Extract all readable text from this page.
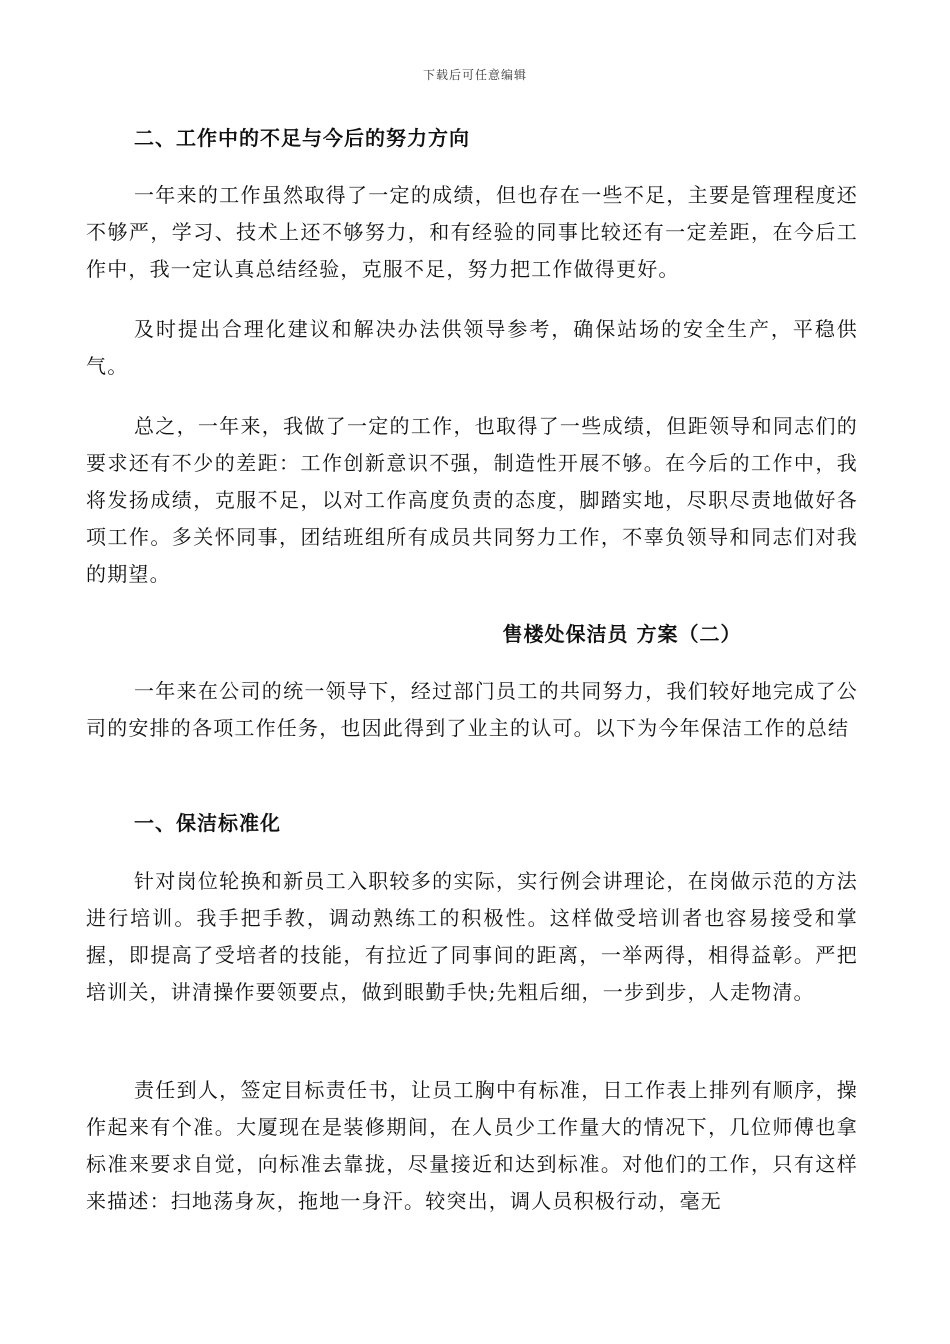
下载后可任意编辑
二、工作中的不足与今后的努力方向
一年来的工作虽然取得了一定的成绩，但也存在一些不足，主要是管理程度还不够严，学习、技术上还不够努力，和有经验的同事比较还有一定差距，在今后工作中，我一定认真总结经验，克服不足，努力把工作做得更好。
及时提出合理化建议和解决办法供领导参考，确保站场的安全生产，平稳供气。
总之，一年来，我做了一定的工作，也取得了一些成绩，但距领导和同志们的要求还有不少的差距：工作创新意识不强，制造性开展不够。在今后的工作中，我将发扬成绩，克服不足，以对工作高度负责的态度，脚踏实地，尽职尽责地做好各项工作。多关怀同事，团结班组所有成员共同努力工作，不辜负领导和同志们对我的期望。
售楼处保洁员 方案（二）
一年来在公司的统一领导下，经过部门员工的共同努力，我们较好地完成了公司的安排的各项工作任务，也因此得到了业主的认可。以下为今年保洁工作的总结
一、保洁标准化
针对岗位轮换和新员工入职较多的实际，实行例会讲理论，在岗做示范的方法进行培训。我手把手教，调动熟练工的积极性。这样做受培训者也容易接受和掌握，即提高了受培者的技能，有拉近了同事间的距离，一举两得，相得益彰。严把培训关，讲清操作要领要点，做到眼勤手快;先粗后细，一步到步，人走物清。
责任到人，签定目标责任书，让员工胸中有标准，日工作表上排列有顺序，操作起来有个准。大厦现在是装修期间，在人员少工作量大的情况下，几位师傅也拿标准来要求自觉，向标准去靠拢，尽量接近和达到标准。对他们的工作，只有这样来描述：扫地荡身灰，拖地一身汗。较突出，调人员积极行动，毫无
